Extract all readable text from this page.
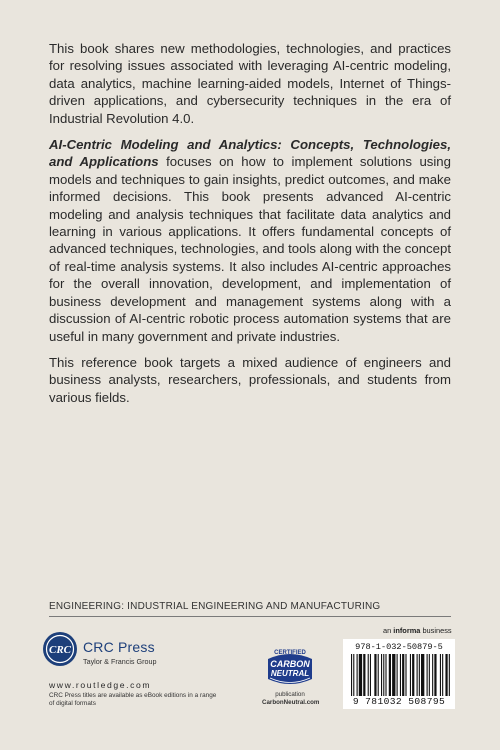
This book shares new methodologies, technologies, and practices for resolving issues associated with leveraging AI-centric modeling, data analytics, machine learning-aided models, Internet of Things-driven applications, and cybersecurity techniques in the era of Industrial Revolution 4.0.

AI-Centric Modeling and Analytics: Concepts, Technologies, and Applications focuses on how to implement solutions using models and techniques to gain insights, predict outcomes, and make informed decisions. This book presents advanced AI-centric modeling and analysis techniques that facilitate data analytics and learning in various applications. It offers fundamental concepts of advanced techniques, technologies, and tools along with the concept of real-time analysis systems. It also includes AI-centric approaches for the overall innovation, development, and implementation of business development and management systems along with a discussion of AI-centric robotic process automation systems that are useful in many government and private industries.

This reference book targets a mixed audience of engineers and business analysts, researchers, professionals, and students from various fields.

ENGINEERING: INDUSTRIAL ENGINEERING AND MANUFACTURING
CRC CRC Press
Taylor & Francis Group
www.routledge.com
CRC Press titles are available as eBook editions in a range of digital formats
an informa business
CERTIFIED
CARBON
NEUTRAL
publication
CarbonNeutral.com
978-1-032-50879-5
9 781032 508795
